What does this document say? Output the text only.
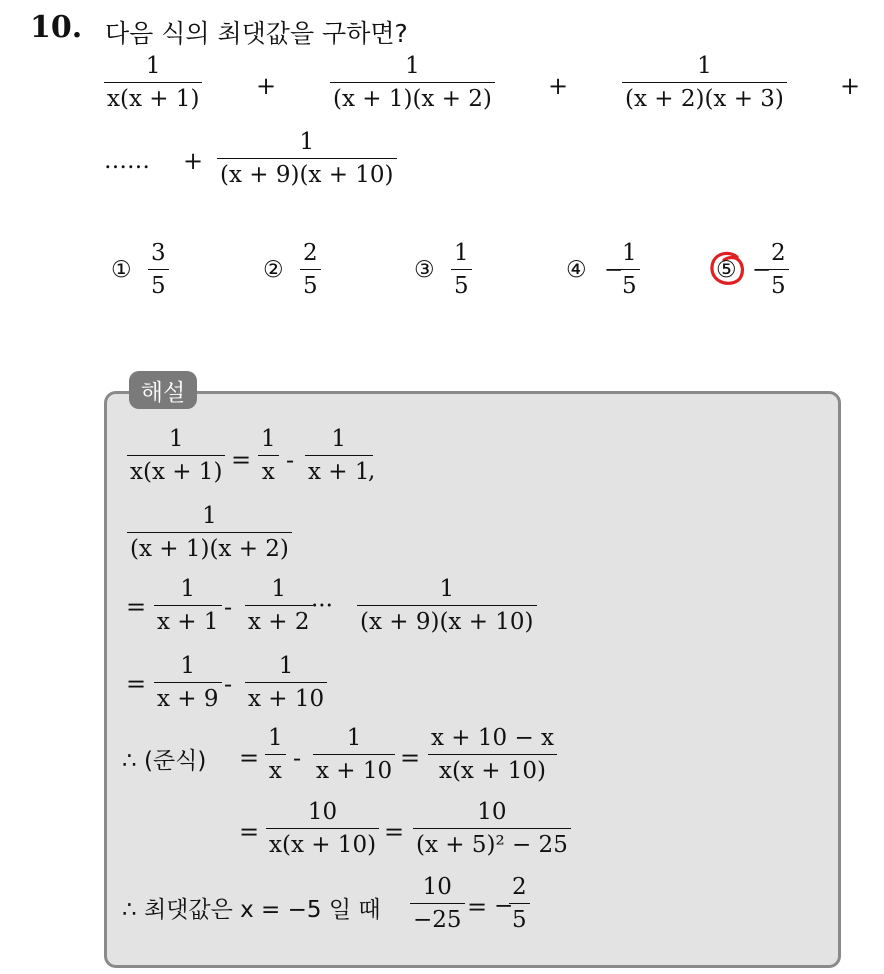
10. 다음 식의 최댓값을 구하면?
1
x(x + 1) +
1
(x + 1)(x + 2) +
1
(x + 2)(x + 3) +
…… +
1
(x + 9)(x + 10)
①
3
5
②
2
5
③
1
5
④ −
1
5
⑤ −
2
5
해설
1
x(x + 1) =
1
x -
1
x + 1
,
1
(x + 1)(x + 2)
=
1
x + 1
-
1
x + 2
···
1
(x + 9)(x + 10)
=
1
x + 9
-
1
x + 10
∴ (준식) =
1
x -
1
x + 10 =
x + 10 − x
x(x + 10)
=
10
x(x + 10) =
10
(x + 5)² − 25
∴ 최댓값은 x = −5 일 때
10
−25 = −
2
5
